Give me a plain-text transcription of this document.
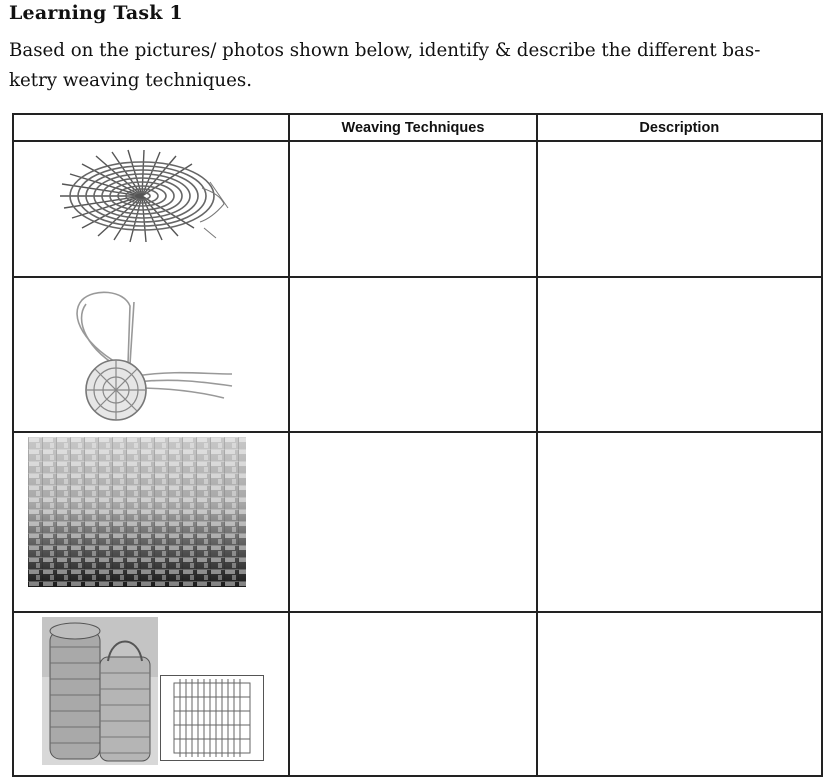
Learning Task 1
Based on the pictures/ photos shown below, identify & describe the different bas-
ketry weaving techniques.
	Weaving Techniques	Description
